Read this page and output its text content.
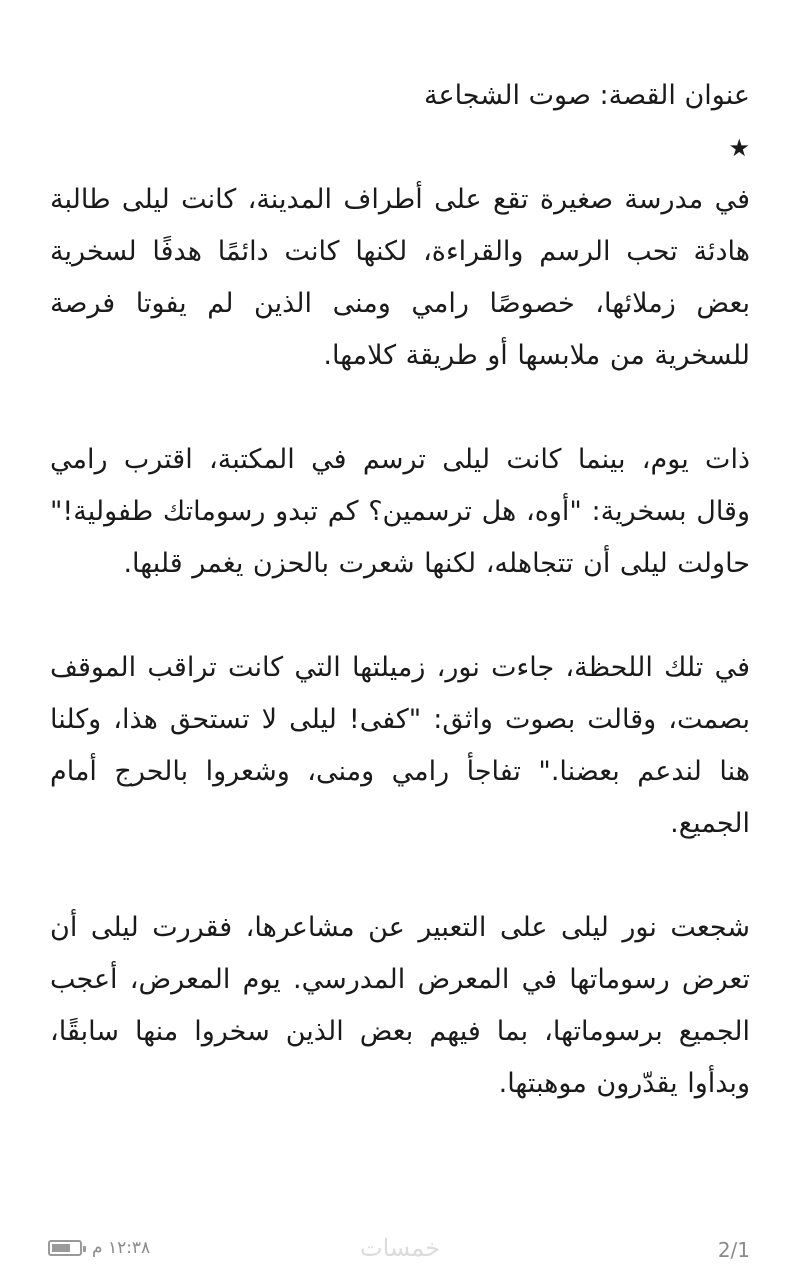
عنوان القصة: صوت الشجاعة
★

في مدرسة صغيرة تقع على أطراف المدينة، كانت ليلى طالبة هادئة تحب الرسم والقراءة، لكنها كانت دائمًا هدفًا لسخرية بعض زملائها، خصوصًا رامي ومنى الذين لم يفوتا فرصة للسخرية من ملابسها أو طريقة كلامها.

ذات يوم، بينما كانت ليلى ترسم في المكتبة، اقترب رامي وقال بسخرية: "أوه، هل ترسمين؟ كم تبدو رسوماتك طفولية!" حاولت ليلى أن تتجاهله، لكنها شعرت بالحزن يغمر قلبها.

في تلك اللحظة، جاءت نور، زميلتها التي كانت تراقب الموقف بصمت، وقالت بصوت واثق: "كفى! ليلى لا تستحق هذا، وكلنا هنا لندعم بعضنا." تفاجأ رامي ومنى، وشعروا بالحرج أمام الجميع.

شجعت نور ليلى على التعبير عن مشاعرها، فقررت ليلى أن تعرض رسوماتها في المعرض المدرسي. يوم المعرض، أعجب الجميع برسوماتها، بما فيهم بعض الذين سخروا منها سابقًا، وبدأوا يقدّرون موهبتها.

١٢:٣٨ م	خمسات	2/1
